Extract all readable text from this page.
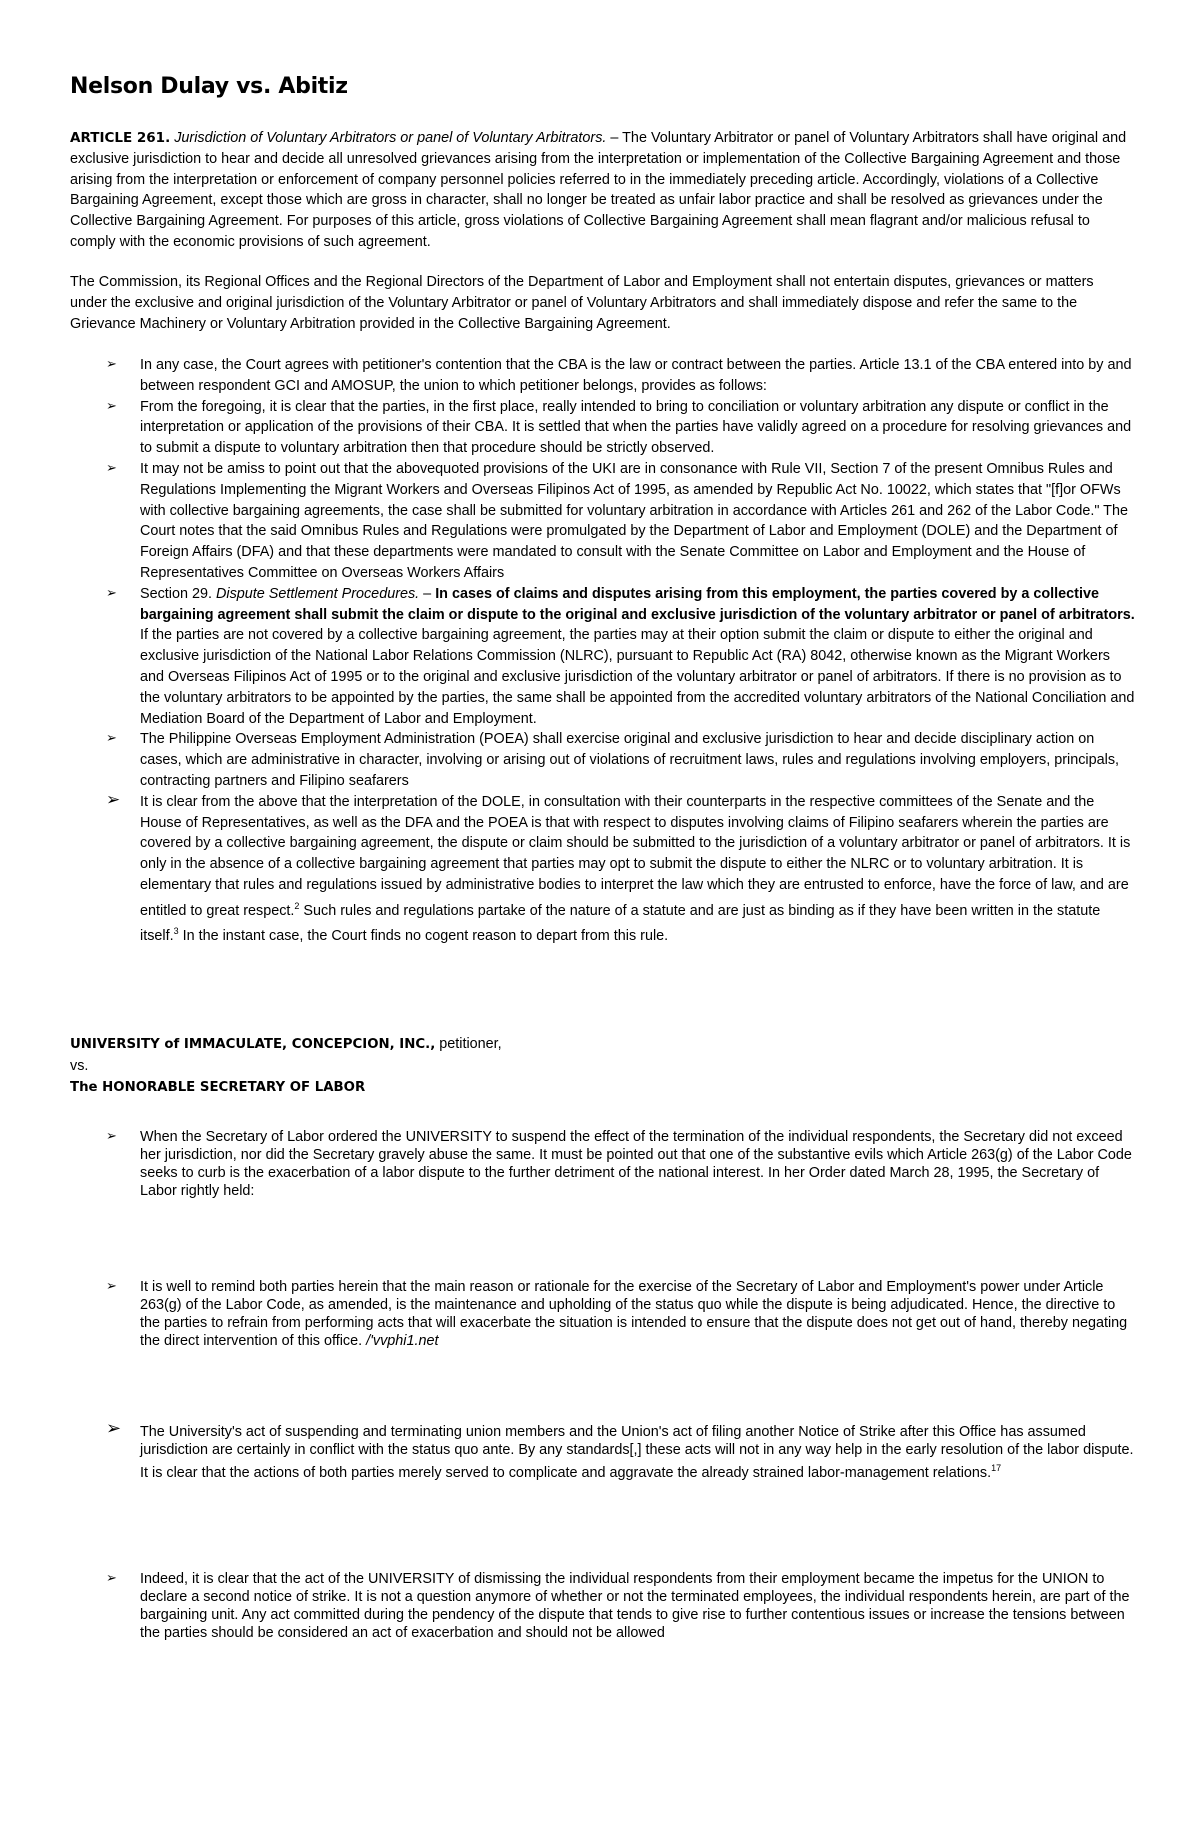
Nelson Dulay vs. Abitiz

ARTICLE 261. Jurisdiction of Voluntary Arbitrators or panel of Voluntary Arbitrators. – The Voluntary Arbitrator or panel of Voluntary Arbitrators shall have original and exclusive jurisdiction to hear and decide all unresolved grievances arising from the interpretation or implementation of the Collective Bargaining Agreement and those arising from the interpretation or enforcement of company personnel policies referred to in the immediately preceding article. Accordingly, violations of a Collective Bargaining Agreement, except those which are gross in character, shall no longer be treated as unfair labor practice and shall be resolved as grievances under the Collective Bargaining Agreement. For purposes of this article, gross violations of Collective Bargaining Agreement shall mean flagrant and/or malicious refusal to comply with the economic provisions of such agreement.

The Commission, its Regional Offices and the Regional Directors of the Department of Labor and Employment shall not entertain disputes, grievances or matters under the exclusive and original jurisdiction of the Voluntary Arbitrator or panel of Voluntary Arbitrators and shall immediately dispose and refer the same to the Grievance Machinery or Voluntary Arbitration provided in the Collective Bargaining Agreement.

➢ In any case, the Court agrees with petitioner's contention that the CBA is the law or contract between the parties. Article 13.1 of the CBA entered into by and between respondent GCI and AMOSUP, the union to which petitioner belongs, provides as follows:
➢ From the foregoing, it is clear that the parties, in the first place, really intended to bring to conciliation or voluntary arbitration any dispute or conflict in the interpretation or application of the provisions of their CBA. It is settled that when the parties have validly agreed on a procedure for resolving grievances and to submit a dispute to voluntary arbitration then that procedure should be strictly observed.
➢ It may not be amiss to point out that the abovequoted provisions of the UKI are in consonance with Rule VII, Section 7 of the present Omnibus Rules and Regulations Implementing the Migrant Workers and Overseas Filipinos Act of 1995, as amended by Republic Act No. 10022, which states that "[f]or OFWs with collective bargaining agreements, the case shall be submitted for voluntary arbitration in accordance with Articles 261 and 262 of the Labor Code." The Court notes that the said Omnibus Rules and Regulations were promulgated by the Department of Labor and Employment (DOLE) and the Department of Foreign Affairs (DFA) and that these departments were mandated to consult with the Senate Committee on Labor and Employment and the House of Representatives Committee on Overseas Workers Affairs
➢ Section 29. Dispute Settlement Procedures. – In cases of claims and disputes arising from this employment, the parties covered by a collective bargaining agreement shall submit the claim or dispute to the original and exclusive jurisdiction of the voluntary arbitrator or panel of arbitrators. If the parties are not covered by a collective bargaining agreement, the parties may at their option submit the claim or dispute to either the original and exclusive jurisdiction of the National Labor Relations Commission (NLRC), pursuant to Republic Act (RA) 8042, otherwise known as the Migrant Workers and Overseas Filipinos Act of 1995 or to the original and exclusive jurisdiction of the voluntary arbitrator or panel of arbitrators. If there is no provision as to the voluntary arbitrators to be appointed by the parties, the same shall be appointed from the accredited voluntary arbitrators of the National Conciliation and Mediation Board of the Department of Labor and Employment.
➢ The Philippine Overseas Employment Administration (POEA) shall exercise original and exclusive jurisdiction to hear and decide disciplinary action on cases, which are administrative in character, involving or arising out of violations of recruitment laws, rules and regulations involving employers, principals, contracting partners and Filipino seafarers
➢ It is clear from the above that the interpretation of the DOLE, in consultation with their counterparts in the respective committees of the Senate and the House of Representatives, as well as the DFA and the POEA is that with respect to disputes involving claims of Filipino seafarers wherein the parties are covered by a collective bargaining agreement, the dispute or claim should be submitted to the jurisdiction of a voluntary arbitrator or panel of arbitrators. It is only in the absence of a collective bargaining agreement that parties may opt to submit the dispute to either the NLRC or to voluntary arbitration. It is elementary that rules and regulations issued by administrative bodies to interpret the law which they are entrusted to enforce, have the force of law, and are entitled to great respect.$^2$ Such rules and regulations partake of the nature of a statute and are just as binding as if they have been written in the statute itself.$^3$ In the instant case, the Court finds no cogent reason to depart from this rule.
UNIVERSITY of IMMACULATE, CONCEPCION, INC., petitioner,
vs.
The HONORABLE SECRETARY OF LABOR
➢ When the Secretary of Labor ordered the UNIVERSITY to suspend the effect of the termination of the individual respondents, the Secretary did not exceed her jurisdiction, nor did the Secretary gravely abuse the same. It must be pointed out that one of the substantive evils which Article 263(g) of the Labor Code seeks to curb is the exacerbation of a labor dispute to the further detriment of the national interest. In her Order dated March 28, 1995, the Secretary of Labor rightly held:
➢ It is well to remind both parties herein that the main reason or rationale for the exercise of the Secretary of Labor and Employment's power under Article 263(g) of the Labor Code, as amended, is the maintenance and upholding of the status quo while the dispute is being adjudicated. Hence, the directive to the parties to refrain from performing acts that will exacerbate the situation is intended to ensure that the dispute does not get out of hand, thereby negating the direct intervention of this office. /'vvphi1.net
➢ The University's act of suspending and terminating union members and the Union's act of filing another Notice of Strike after this Office has assumed jurisdiction are certainly in conflict with the status quo ante. By any standards[,] these acts will not in any way help in the early resolution of the labor dispute. It is clear that the actions of both parties merely served to complicate and aggravate the already strained labor-management relations.$^{17}$
➢ Indeed, it is clear that the act of the UNIVERSITY of dismissing the individual respondents from their employment became the impetus for the UNION to declare a second notice of strike. It is not a question anymore of whether or not the terminated employees, the individual respondents herein, are part of the bargaining unit. Any act committed during the pendency of the dispute that tends to give rise to further contentious issues or increase the tensions between the parties should be considered an act of exacerbation and should not be allowed
